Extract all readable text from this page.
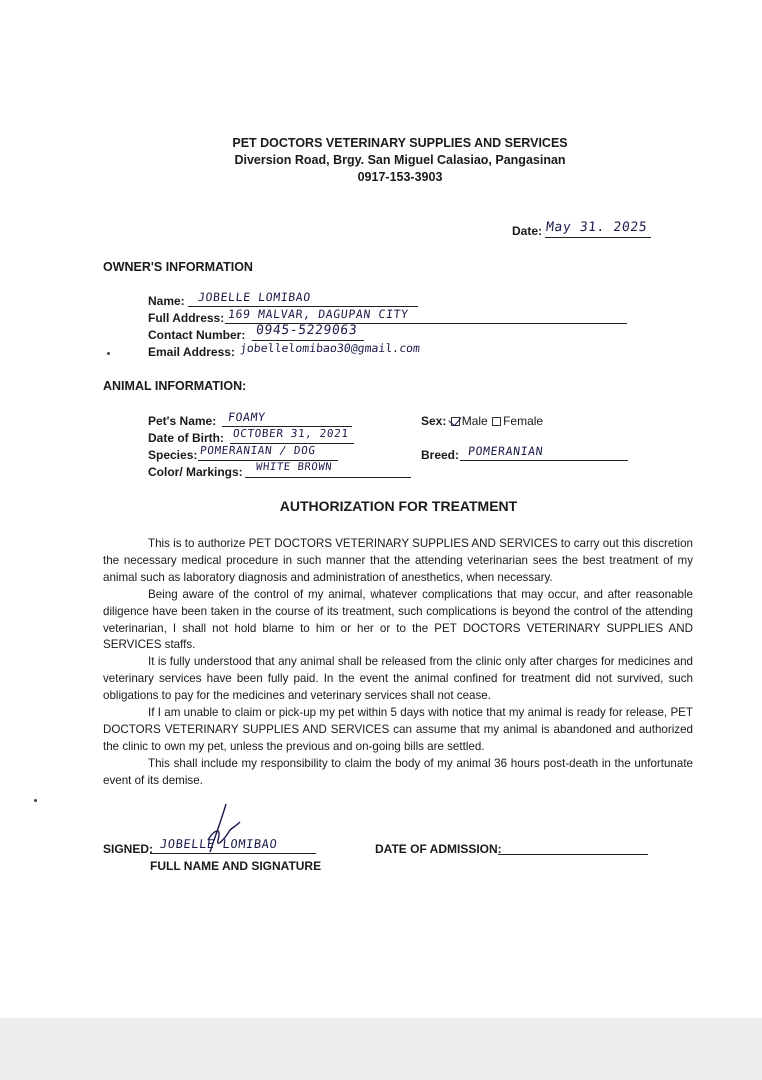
PET DOCTORS VETERINARY SUPPLIES AND SERVICES
Diversion Road, Brgy. San Miguel Calasiao, Pangasinan
0917-153-3903
Date: May 31. 2025
OWNER'S INFORMATION
Name: JOBELLE LOMIBAO
Full Address: 169 MALVAR, DAGUPAN CITY
Contact Number: 0945-5229063
Email Address: jobellelomibao30@gmail.com
ANIMAL INFORMATION:
Pet's Name: FOAMY
Date of Birth: OCTOBER 31, 2021
Species: POMERANIAN / DOG
Color/ Markings: WHITE BROWN
Sex: Male Female
Breed: POMERANIAN
AUTHORIZATION FOR TREATMENT

This is to authorize PET DOCTORS VETERINARY SUPPLIES AND SERVICES to carry out this discretion the necessary medical procedure in such manner that the attending veterinarian sees the best treatment of my animal such as laboratory diagnosis and administration of anesthetics, when necessary.

Being aware of the control of my animal, whatever complications that may occur, and after reasonable diligence have been taken in the course of its treatment, such complications is beyond the control of the attending veterinarian, I shall not hold blame to him or her or to the PET DOCTORS VETERINARY SUPPLIES AND SERVICES staffs.

It is fully understood that any animal shall be released from the clinic only after charges for medicines and veterinary services have been fully paid. In the event the animal confined for treatment did not survived, such obligations to pay for the medicines and veterinary services shall not cease.

If I am unable to claim or pick-up my pet within 5 days with notice that my animal is ready for release, PET DOCTORS VETERINARY SUPPLIES AND SERVICES can assume that my animal is abandoned and authorized the clinic to own my pet, unless the previous and on-going bills are settled.

This shall include my responsibility to claim the body of my animal 36 hours post-death in the unfortunate event of its demise.

SIGNED: JOBELLE LOMIBAO
FULL NAME AND SIGNATURE
DATE OF ADMISSION:
